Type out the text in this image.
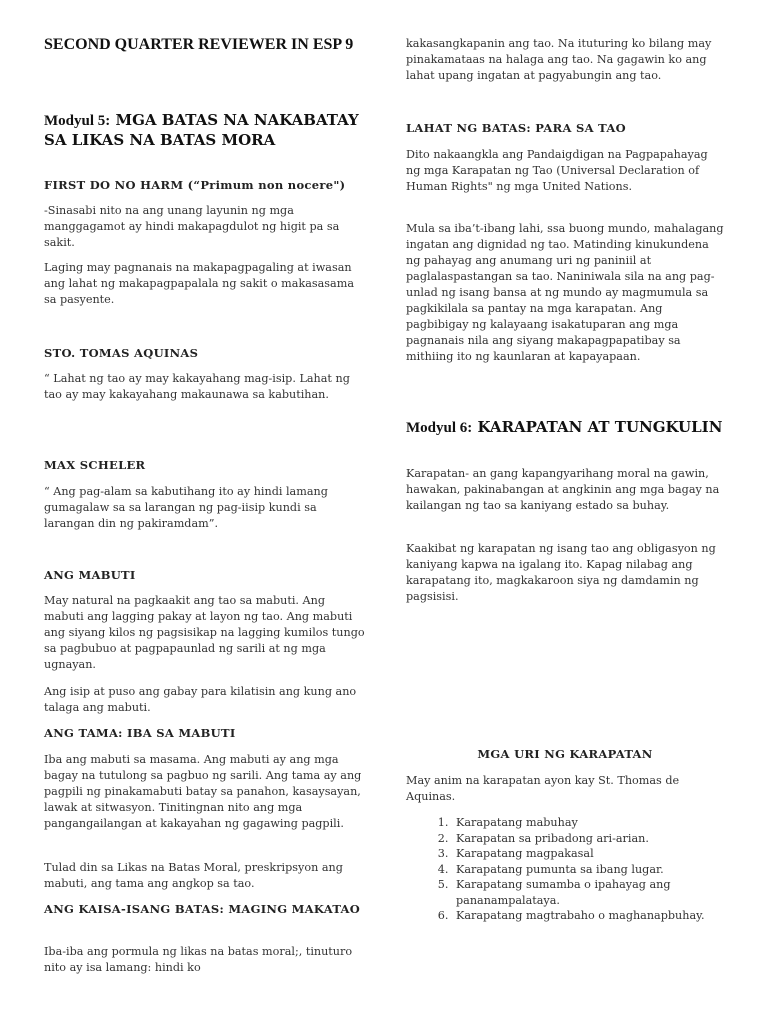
SECOND QUARTER REVIEWER IN ESP 9
Modyul 5: MGA BATAS NA NAKABATAY SA LIKAS NA BATAS MORA
FIRST DO NO HARM (“Primum non nocere")
-Sinasabi nito na ang unang layunin ng mga manggagamot ay hindi makapagdulot ng higit pa sa sakit.
Laging may pagnanais na makapagpagaling at iwasan ang lahat ng makapagpapalala ng sakit o makasasama sa pasyente.
STO. TOMAS AQUINAS
“ Lahat ng tao ay may kakayahang mag-isip. Lahat ng tao ay may kakayahang makaunawa sa kabutihan.
MAX SCHELER
“ Ang pag-alam sa kabutihang ito ay hindi lamang gumagalaw sa sa larangan ng pag-iisip kundi sa larangan din ng pakiramdam”.
ANG MABUTI
May natural na pagkaakit ang tao sa mabuti. Ang mabuti ang lagging pakay at layon ng tao. Ang mabuti ang siyang kilos ng pagsisikap na lagging kumilos tungo sa pagbubuo at pagpapaunlad ng sarili at ng mga ugnayan.
Ang isip at puso ang gabay para kilatisin ang kung ano talaga ang mabuti.
ANG TAMA: IBA SA MABUTI
Iba ang mabuti sa masama. Ang mabuti ay ang mga bagay na tutulong sa pagbuo ng sarili. Ang tama ay ang pagpili ng pinakamabuti batay sa panahon, kasaysayan, lawak at sitwasyon. Tinitingnan nito ang mga pangangailangan at kakayahan ng gagawing pagpili.
Tulad din sa Likas na Batas Moral, preskripsyon ang mabuti, ang tama ang angkop sa tao.
ANG KAISA-ISANG BATAS: MAGING MAKATAO
Iba-iba ang pormula ng likas na batas moral;, tinuturo nito ay isa lamang: hindi ko
kakasangkapanin ang tao. Na ituturing ko bilang may pinakamataas na halaga ang tao. Na gagawin ko ang lahat upang ingatan at pagyabungin ang tao.
LAHAT NG BATAS: PARA SA TAO
Dito nakaangkla ang Pandaigdigan na Pagpapahayag ng mga Karapatan ng Tao (Universal Declaration of Human Rights" ng mga United Nations.
Mula sa iba’t-ibang lahi, ssa buong mundo, mahalagang ingatan ang dignidad ng tao. Matinding kinukundena ng pahayag ang anumang uri ng paniniil at paglalaspastangan sa tao. Naniniwala sila na ang pag-unlad ng isang bansa at ng mundo ay magmumula sa pagkikilala sa pantay na mga karapatan. Ang pagbibigay ng kalayaang isakatuparan ang mga pagnanais nila ang siyang makapagpapatibay sa mithiing ito ng kaunlaran at kapayapaan.
Modyul 6: KARAPATAN AT TUNGKULIN
Karapatan- an gang kapangyarihang moral na gawin, hawakan, pakinabangan at angkinin ang mga bagay na kailangan ng tao sa kaniyang estado sa buhay.
Kaakibat ng karapatan ng isang tao ang obligasyon ng kaniyang kapwa na igalang ito. Kapag nilabag ang karapatang ito, magkakaroon siya ng damdamin ng pagsisisi.
MGA URI NG KARAPATAN
May anim na karapatan ayon kay St. Thomas de Aquinas.
1. Karapatang mabuhay
2. Karapatan sa pribadong ari-arian.
3. Karapatang magpakasal
4. Karapatang pumunta sa ibang lugar.
5. Karapatang sumamba o ipahayag ang pananampalataya.
6. Karapatang magtrabaho o maghanapbuhay.
